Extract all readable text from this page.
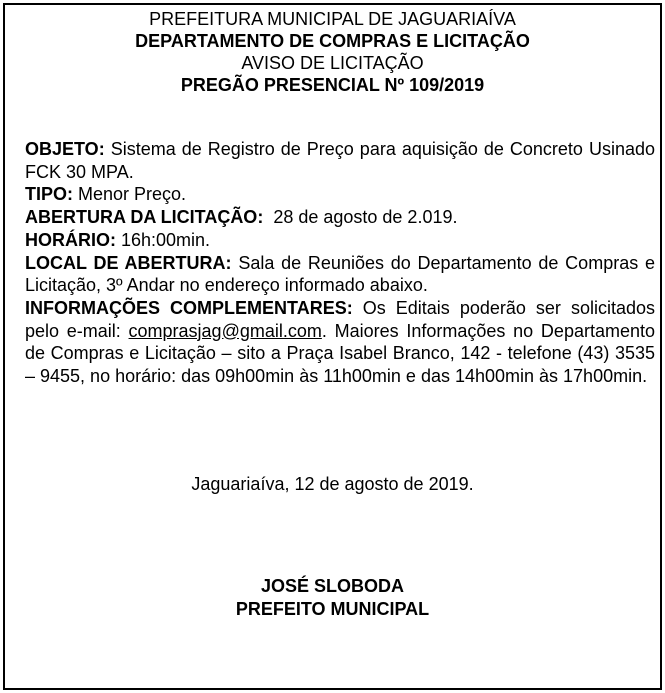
PREFEITURA MUNICIPAL DE JAGUARIAÍVA
DEPARTAMENTO DE COMPRAS E LICITAÇÃO
AVISO DE LICITAÇÃO
PREGÃO PRESENCIAL Nº 109/2019

OBJETO: Sistema de Registro de Preço para aquisição de Concreto Usinado FCK 30 MPA.

TIPO: Menor Preço.

ABERTURA DA LICITAÇÃO:  28 de agosto de 2.019.

HORÁRIO: 16h:00min.

LOCAL DE ABERTURA: Sala de Reuniões do Departamento de Compras e Licitação, 3º Andar no endereço informado abaixo.

INFORMAÇÕES COMPLEMENTARES: Os Editais poderão ser solicitados pelo e-mail: comprasjag@gmail.com. Maiores Informações no Departamento de Compras e Licitação – sito a Praça Isabel Branco, 142 - telefone (43) 3535 – 9455, no horário: das 09h00min às 11h00min e das 14h00min às 17h00min.

Jaguariaíva, 12 de agosto de 2019.
JOSÉ SLOBODA
PREFEITO MUNICIPAL
